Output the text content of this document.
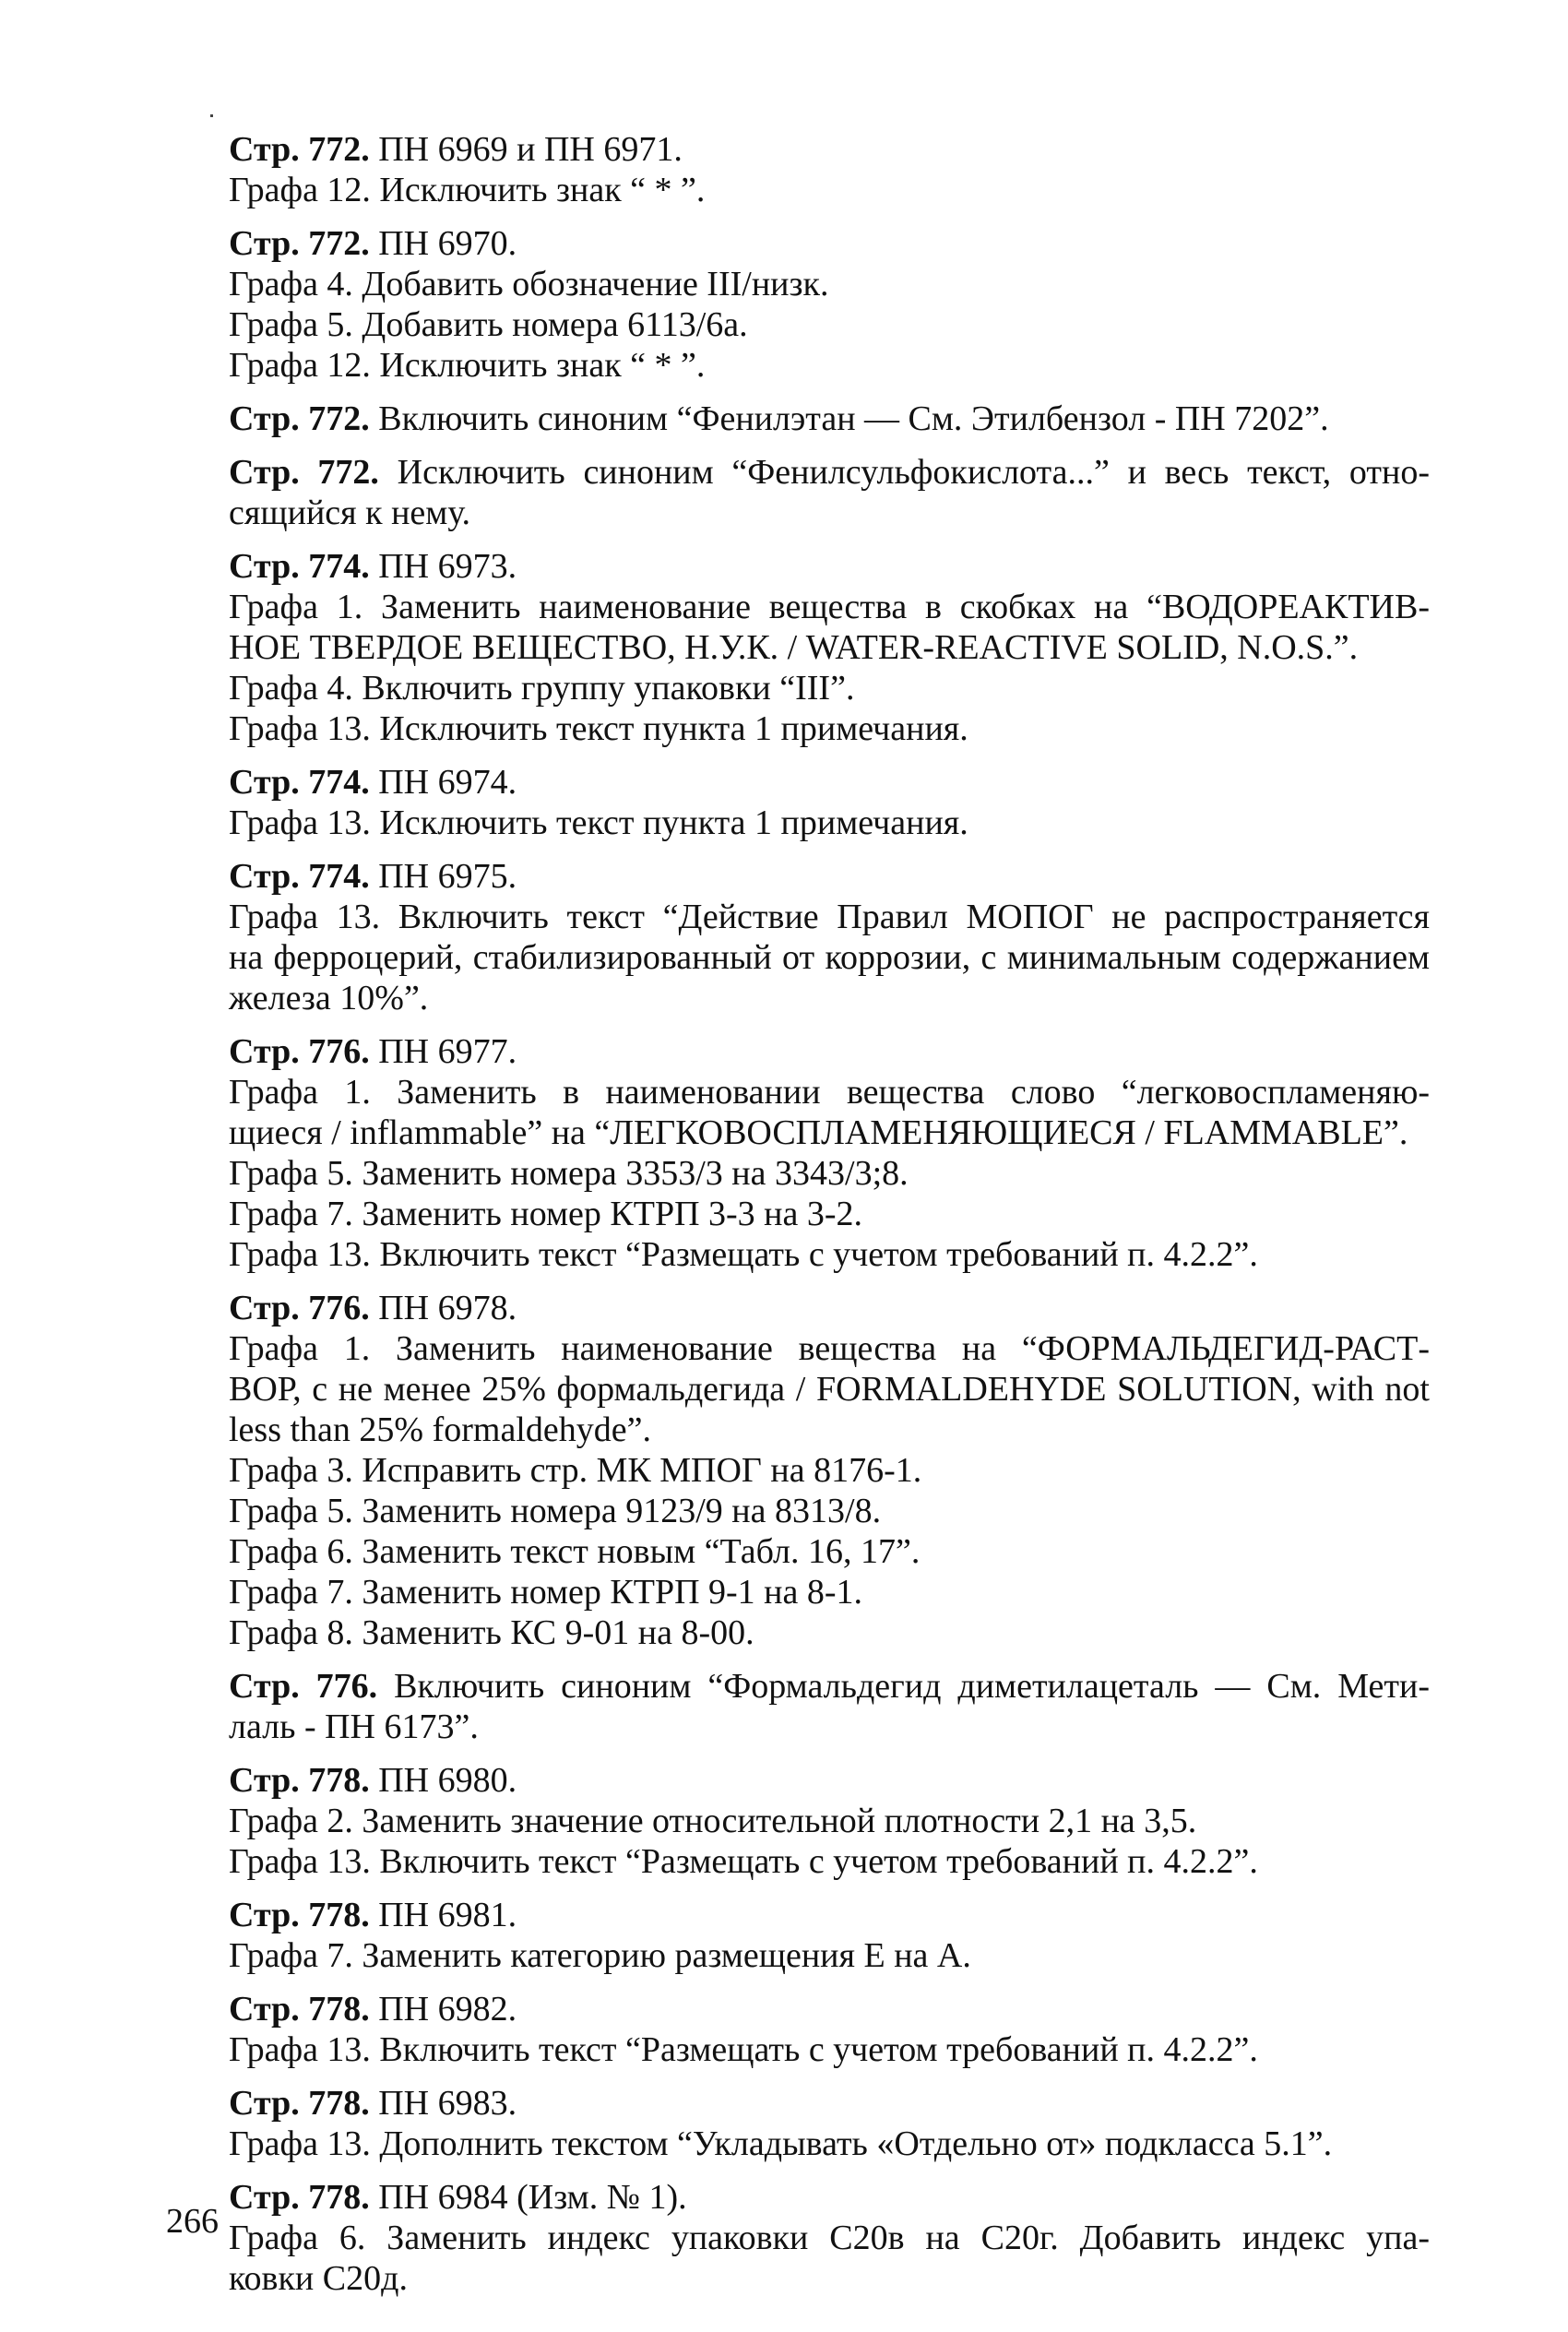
Стр. 772. ПН 6969 и ПН 6971.
Графа 12. Исключить знак “ * ”.
Стр. 772. ПН 6970.
Графа 4. Добавить обозначение III/низк.
Графа 5. Добавить номера 6113/6а.
Графа 12. Исключить знак “ * ”.
Стр. 772. Включить синоним “Фенилэтан — См. Этилбензол - ПН 7202”.
Стр. 772. Исключить синоним “Фенилсульфокислота...” и весь текст, отно-
сящийся к нему.
Стр. 774. ПН 6973.
Графа 1. Заменить наименование вещества в скобках на “ВОДОРЕАКТИВ-
НОЕ ТВЕРДОЕ ВЕЩЕСТВО, Н.У.К. / WATER-REACTIVE SOLID, N.O.S.”.
Графа 4. Включить группу упаковки “III”.
Графа 13. Исключить текст пункта 1 примечания.
Стр. 774. ПН 6974.
Графа 13. Исключить текст пункта 1 примечания.
Стр. 774. ПН 6975.
Графа 13. Включить текст “Действие Правил МОПОГ не распространяется
на ферроцерий, стабилизированный от коррозии, с минимальным содержанием
железа 10%”.
Стр. 776. ПН 6977.
Графа 1. Заменить в наименовании вещества слово “легковоспламеняю-
щиеся / inflammable” на “ЛЕГКОВОСПЛАМЕНЯЮЩИЕСЯ / FLAMMABLE”.
Графа 5. Заменить номера 3353/3 на 3343/3;8.
Графа 7. Заменить номер КТРП 3-3 на 3-2.
Графа 13. Включить текст “Размещать с учетом требований п. 4.2.2”.
Стр. 776. ПН 6978.
Графа 1. Заменить наименование вещества на “ФОРМАЛЬДЕГИД-РАСТ-
ВОР, с не менее 25% формальдегида / FORMALDEHYDE SOLUTION, with not
less than 25% formaldehyde”.
Графа 3. Исправить стр. МК МПОГ на 8176-1.
Графа 5. Заменить номера 9123/9 на 8313/8.
Графа 6. Заменить текст новым “Табл. 16, 17”.
Графа 7. Заменить номер КТРП 9-1 на 8-1.
Графа 8. Заменить КС 9-01 на 8-00.
Стр. 776. Включить синоним “Формальдегид диметилацеталь — См. Мети-
лаль - ПН 6173”.
Стр. 778. ПН 6980.
Графа 2. Заменить значение относительной плотности 2,1 на 3,5.
Графа 13. Включить текст “Размещать с учетом требований п. 4.2.2”.
Стр. 778. ПН 6981.
Графа 7. Заменить категорию размещения Е на А.
Стр. 778. ПН 6982.
Графа 13. Включить текст “Размещать с учетом требований п. 4.2.2”.
Стр. 778. ПН 6983.
Графа 13. Дополнить текстом “Укладывать «Отдельно от» подкласса 5.1”.
Стр. 778. ПН 6984 (Изм. № 1).
Графа 6. Заменить индекс упаковки С20в на С20г. Добавить индекс упа-
ковки С20д.
266
